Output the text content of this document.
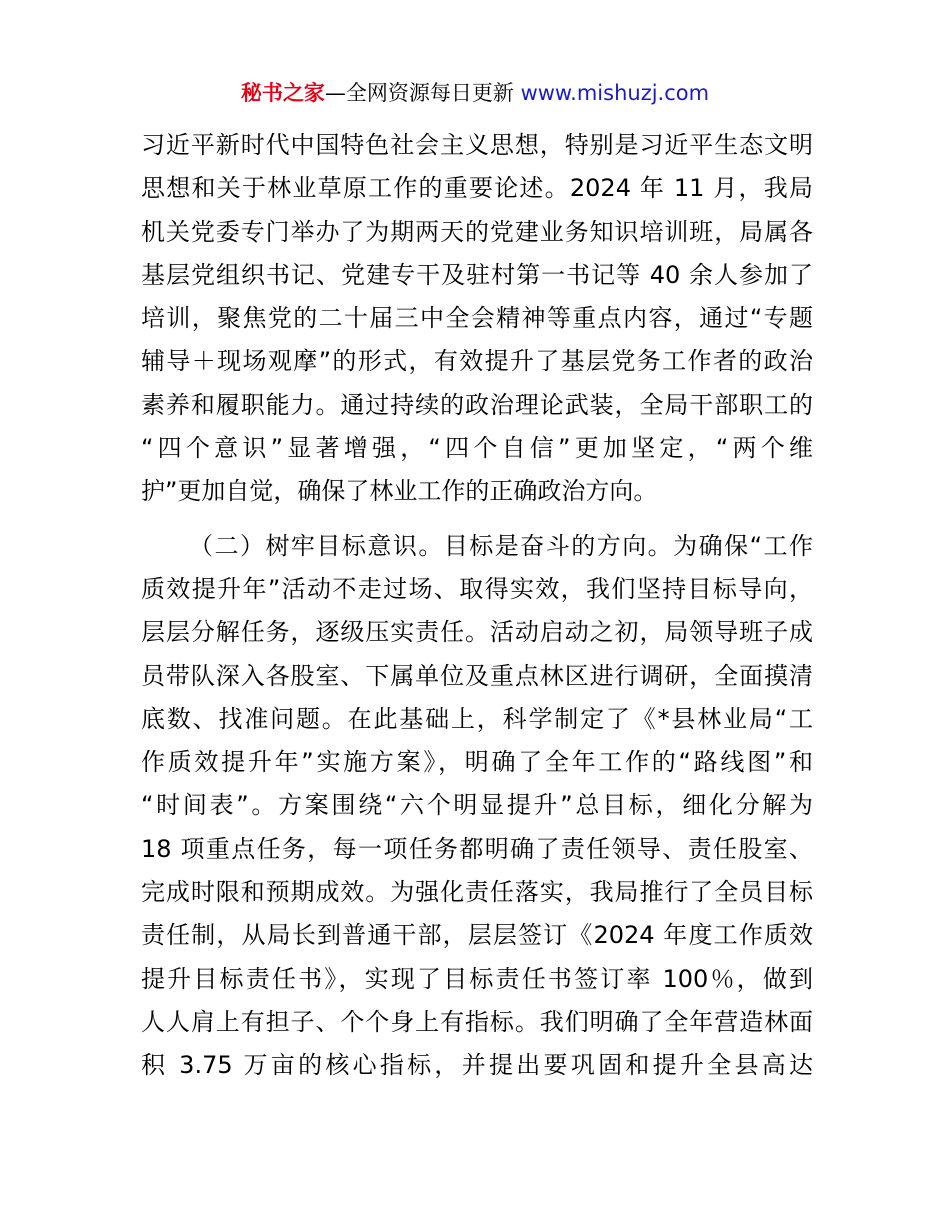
秘书之家—全网资源每日更新 www.mishuzj.com
习近平新时代中国特色社会主义思想，特别是习近平生态文明
思想和关于林业草原工作的重要论述。2024 年 11 月，我局
机关党委专门举办了为期两天的党建业务知识培训班，局属各
基层党组织书记、党建专干及驻村第一书记等 40 余人参加了
培训，聚焦党的二十届三中全会精神等重点内容，通过“专题
辅导＋现场观摩”的形式，有效提升了基层党务工作者的政治
素养和履职能力。通过持续的政治理论武装，全局干部职工的
“四个意识”显著增强，“四个自信”更加坚定，“两个维
护”更加自觉，确保了林业工作的正确政治方向。
（二）树牢目标意识。目标是奋斗的方向。为确保“工作
质效提升年”活动不走过场、取得实效，我们坚持目标导向，
层层分解任务，逐级压实责任。活动启动之初，局领导班子成
员带队深入各股室、下属单位及重点林区进行调研，全面摸清
底数、找准问题。在此基础上，科学制定了《*县林业局“工
作质效提升年”实施方案》，明确了全年工作的“路线图”和
“时间表”。方案围绕“六个明显提升”总目标，细化分解为
18 项重点任务，每一项任务都明确了责任领导、责任股室、
完成时限和预期成效。为强化责任落实，我局推行了全员目标
责任制，从局长到普通干部，层层签订《2024 年度工作质效
提升目标责任书》，实现了目标责任书签订率 100％，做到
人人肩上有担子、个个身上有指标。我们明确了全年营造林面
积 3.75 万亩的核心指标，并提出要巩固和提升全县高达
